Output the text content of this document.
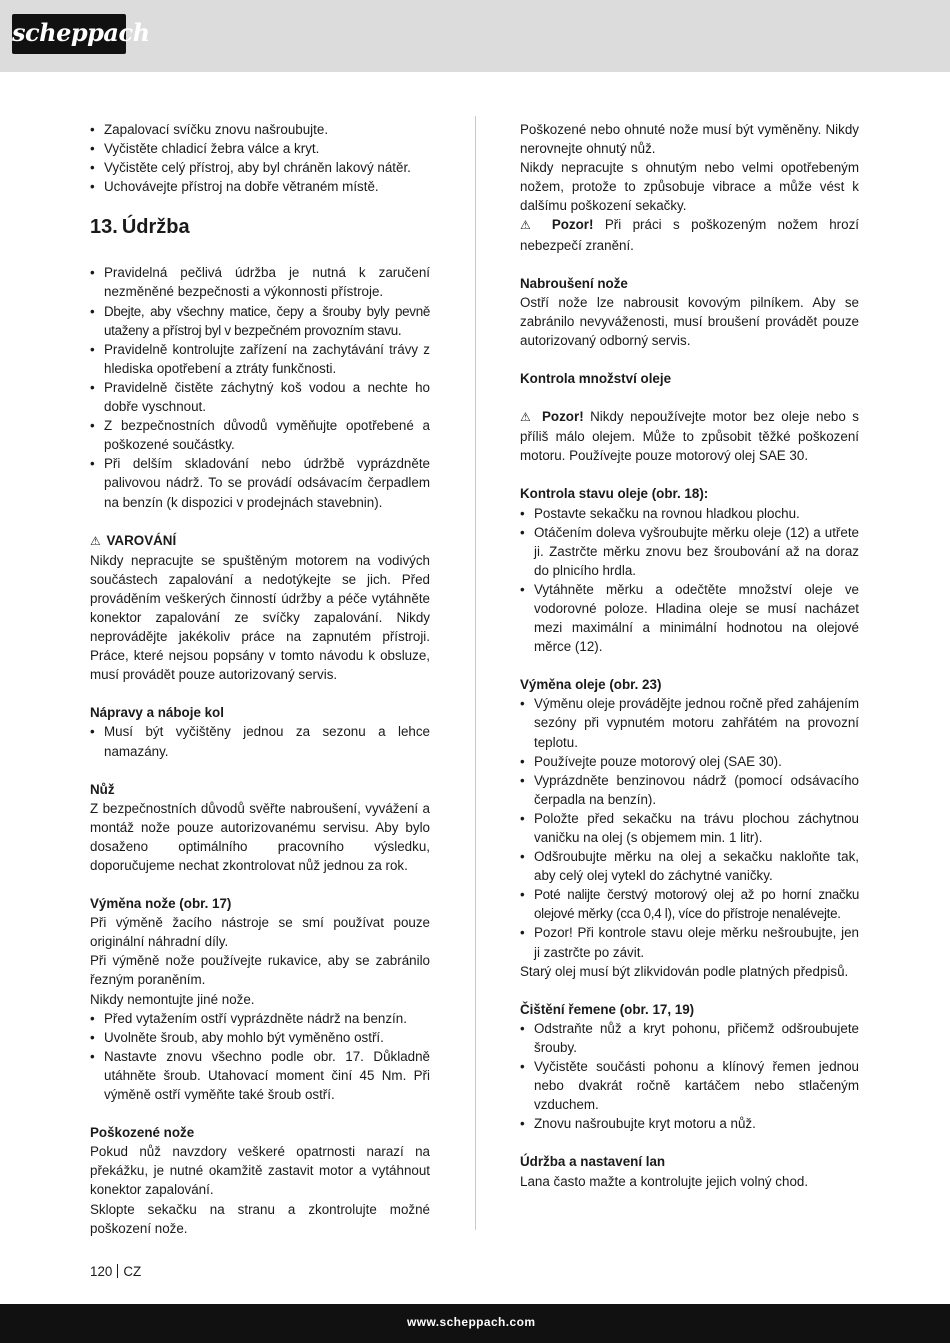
scheppach
• Zapalovací svíčku znovu našroubujte.
• Vyčistěte chladicí žebra válce a kryt.
• Vyčistěte celý přístroj, aby byl chráněn lakový nátěr.
• Uchovávejte přístroj na dobře větraném místě.
13. Údržba
• Pravidelná pečlivá údržba je nutná k zaručení nezměněné bezpečnosti a výkonnosti přístroje.
• Dbejte, aby všechny matice, čepy a šrouby byly pevně utaženy a přístroj byl v bezpečném provozním stavu.
• Pravidelně kontrolujte zařízení na zachytávání trávy z hlediska opotřebení a ztráty funkčnosti.
• Pravidelně čistěte záchytný koš vodou a nechte ho dobře vyschnout.
• Z bezpečnostních důvodů vyměňujte opotřebené a poškozené součástky.
• Při delším skladování nebo údržbě vyprázdněte palivovou nádrž. To se provádí odsávacím čerpadlem na benzín (k dispozici v prodejnách stavebnin).

⚠ VAROVÁNÍ

Nikdy nepracujte se spuštěným motorem na vodivých součástech zapalování a nedotýkejte se jich. Před prováděním veškerých činností údržby a péče vytáhněte konektor zapalování ze svíčky zapalování. Nikdy neprovádějte jakékoliv práce na zapnutém přístroji. Práce, které nejsou popsány v tomto návodu k obsluze, musí provádět pouze autorizovaný servis.

Nápravy a náboje kol

• Musí být vyčištěny jednou za sezonu a lehce namazány.

Nůž

Z bezpečnostních důvodů svěřte nabroušení, vyvážení a montáž nože pouze autorizovanému servisu. Aby bylo dosaženo optimálního pracovního výsledku, doporučujeme nechat zkontrolovat nůž jednou za rok.

Výměna nože (obr. 17)

Při výměně žacího nástroje se smí používat pouze originální náhradní díly.

Při výměně nože používejte rukavice, aby se zabránilo řezným poraněním.

Nikdy nemontujte jiné nože.

• Před vytažením ostří vyprázdněte nádrž na benzín.
• Uvolněte šroub, aby mohlo být vyměněno ostří.
• Nastavte znovu všechno podle obr. 17. Důkladně utáhněte šroub. Utahovací moment činí 45 Nm. Při výměně ostří vyměňte také šroub ostří.

Poškozené nože

Pokud nůž navzdory veškeré opatrnosti narazí na překážku, je nutné okamžitě zastavit motor a vytáhnout konektor zapalování.

Sklopte sekačku na stranu a zkontrolujte možné poškození nože.

Poškozené nebo ohnuté nože musí být vyměněny. Nikdy nerovnejte ohnutý nůž.

Nikdy nepracujte s ohnutým nebo velmi opotřebeným nožem, protože to způsobuje vibrace a může vést k dalšímu poškození sekačky.

⚠ Pozor! Při práci s poškozeným nožem hrozí nebezpečí zranění.

Nabroušení nože

Ostří nože lze nabrousit kovovým pilníkem. Aby se zabránilo nevyváženosti, musí broušení provádět pouze autorizovaný odborný servis.

Kontrola množství oleje

⚠ Pozor! Nikdy nepoužívejte motor bez oleje nebo s příliš málo olejem. Může to způsobit těžké poškození motoru. Používejte pouze motorový olej SAE 30.

Kontrola stavu oleje (obr. 18):

• Postavte sekačku na rovnou hladkou plochu.
• Otáčením doleva vyšroubujte měrku oleje (12) a utřete ji. Zastrčte měrku znovu bez šroubování až na doraz do plnicího hrdla.
• Vytáhněte měrku a odečtěte množství oleje ve vodorovné poloze. Hladina oleje se musí nacházet mezi maximální a minimální hodnotou na olejové měrce (12).

Výměna oleje (obr. 23)

• Výměnu oleje provádějte jednou ročně před zahájením sezóny při vypnutém motoru zahřátém na provozní teplotu.
• Používejte pouze motorový olej (SAE 30).
• Vyprázdněte benzinovou nádrž (pomocí odsávacího čerpadla na benzín).
• Položte před sekačku na trávu plochou záchytnou vaničku na olej (s objemem min. 1 litr).
• Odšroubujte měrku na olej a sekačku nakloňte tak, aby celý olej vytekl do záchytné vaničky.
• Poté nalijte čerstvý motorový olej až po horní značku olejové měrky (cca 0,4 l), více do přístroje nenalévejte.
• Pozor! Při kontrole stavu oleje měrku nešroubujte, jen ji zastrčte po závit.

Starý olej musí být zlikvidován podle platných předpisů.

Čištění řemene (obr. 17, 19)

• Odstraňte nůž a kryt pohonu, přičemž odšroubujete šrouby.
• Vyčistěte součásti pohonu a klínový řemen jednou nebo dvakrát ročně kartáčem nebo stlačeným vzduchem.
• Znovu našroubujte kryt motoru a nůž.

Údržba a nastavení lan

Lana často mažte a kontrolujte jejich volný chod.

120 CZ
www.scheppach.com
